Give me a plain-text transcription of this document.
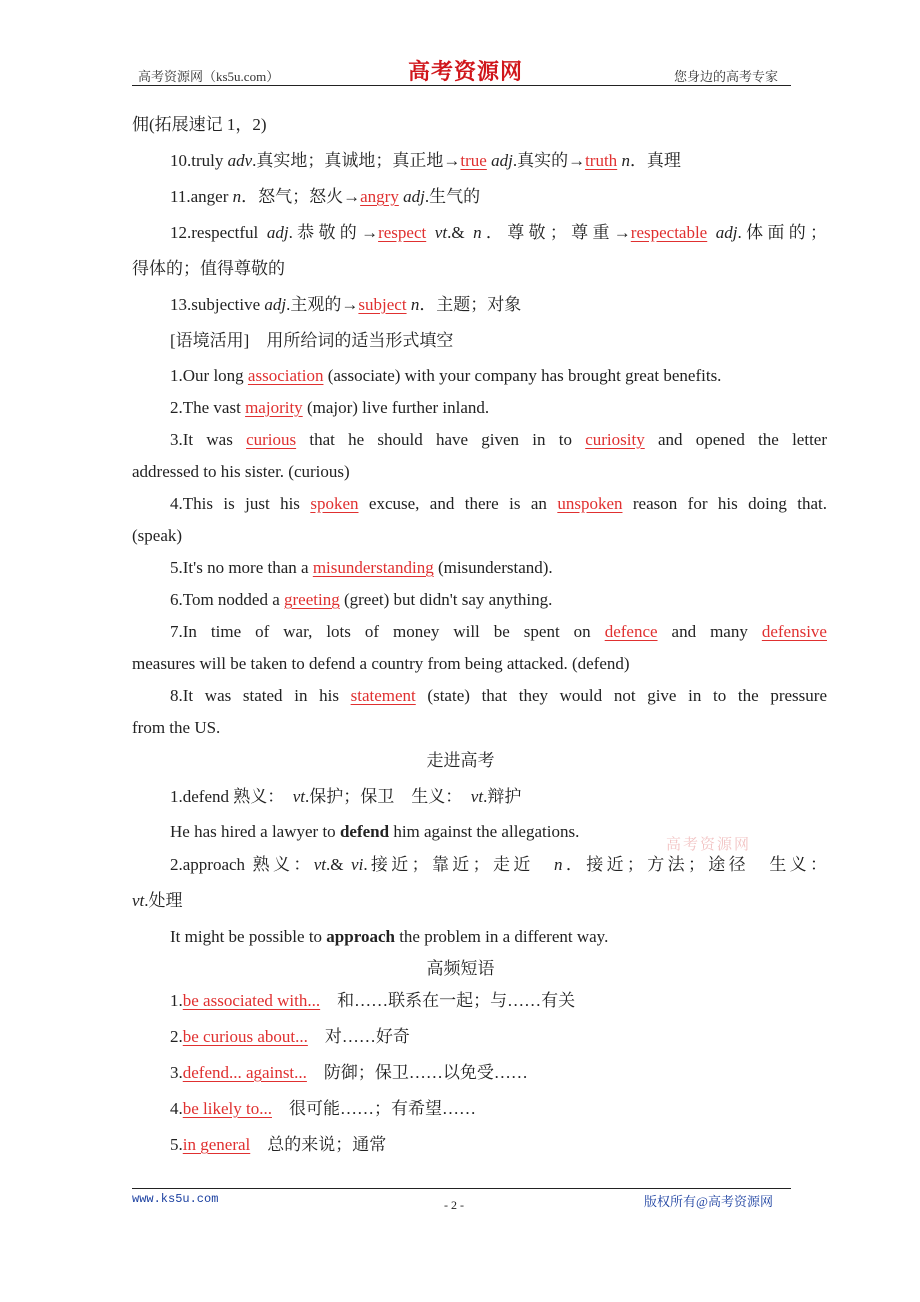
高考资源网（ks5u.com）	高考资源网	您身边的高考专家
高考资源网
佣(拓展速记 1，2)
10.truly adv.真实地；真诚地；真正地→true adj.真实的→truth n．真理
11.anger n．怒气；怒火→angry adj.生气的
12.respectful adj.恭敬的→respect vt.& n．尊敬；尊重→respectable adj.体面的；
得体的；值得尊敬的
13.subjective adj.主观的→subject n．主题；对象
[语境活用]　用所给词的适当形式填空
1.Our long association (associate) with your company has brought great benefits.
2.The vast majority (major) live further inland.
3.It was curious that he should have given in to curiosity and opened the letter
addressed to his sister. (curious)
4.This is just his spoken excuse, and there is an unspoken reason for his doing that.
(speak)
5.It's no more than a misunderstanding (misunderstand).
6.Tom nodded a greeting (greet) but didn't say anything.
7.In time of war, lots of money will be spent on defence and many defensive
measures will be taken to defend a country from being attacked. (defend)
8.It was stated in his statement (state) that they would not give in to the pressure
from the US.
走进高考
1.defend 熟义：　vt.保护；保卫　生义：　vt.辩护
He has hired a lawyer to defend him against the allegations.
2.approach 熟义：vt.& vi.接近；靠近；走近　n．接近；方法；途径　生义：
vt.处理
It might be possible to approach the problem in a different way.
高频短语
1.be associated with...　和……联系在一起；与……有关
2.be curious about...　对……好奇
3.defend... against...　防御；保卫……以免受……
4.be likely to...　很可能……；有希望……
5.in general　总的来说；通常
www.ks5u.com	- 2 -	版权所有@高考资源网
